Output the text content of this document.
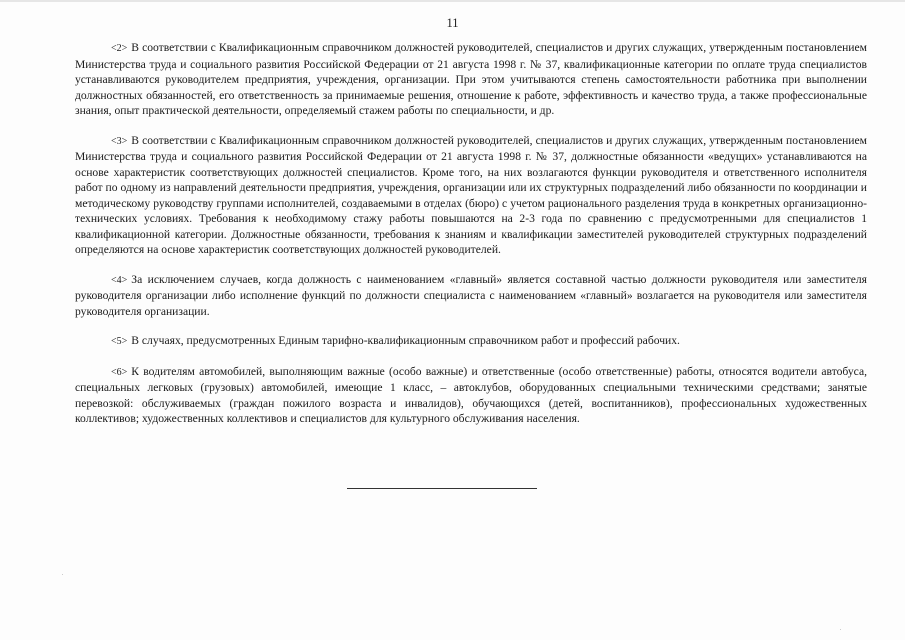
11

<2> В соответствии с Квалификационным справочником должностей руководителей, специалистов и других служащих, утвержденным постановлением Министерства труда и социального развития Российской Федерации от 21 августа 1998 г. № 37, квалификационные категории по оплате труда специалистов устанавливаются руководителем предприятия, учреждения, организации. При этом учитываются степень самостоятельности работника при выполнении должностных обязанностей, его ответственность за принимаемые решения, отношение к работе, эффективность и качество труда, а также профессиональные знания, опыт практической деятельности, определяемый стажем работы по специальности, и др.

<3> В соответствии с Квалификационным справочником должностей руководителей, специалистов и других служащих, утвержденным постановлением Министерства труда и социального развития Российской Федерации от 21 августа 1998 г. № 37, должностные обязанности «ведущих» устанавливаются на основе характеристик соответствующих должностей специалистов. Кроме того, на них возлагаются функции руководителя и ответственного исполнителя работ по одному из направлений деятельности предприятия, учреждения, организации или их структурных подразделений либо обязанности по координации и методическому руководству группами исполнителей, создаваемыми в отделах (бюро) с учетом рационального разделения труда в конкретных организационно-технических условиях. Требования к необходимому стажу работы повышаются на 2-3 года по сравнению с предусмотренными для специалистов 1 квалификационной категории. Должностные обязанности, требования к знаниям и квалификации заместителей руководителей структурных подразделений определяются на основе характеристик соответствующих должностей руководителей.

<4> За исключением случаев, когда должность с наименованием «главный» является составной частью должности руководителя или заместителя руководителя организации либо исполнение функций по должности специалиста с наименованием «главный» возлагается на руководителя или заместителя руководителя организации.

<5> В случаях, предусмотренных Единым тарифно-квалификационным справочником работ и профессий рабочих.

<6> К водителям автомобилей, выполняющим важные (особо важные) и ответственные (особо ответственные) работы, относятся водители автобуса, специальных легковых (грузовых) автомобилей, имеющие 1 класс, – автоклубов, оборудованных специальными техническими средствами; занятые перевозкой: обслуживаемых (граждан пожилого возраста и инвалидов), обучающихся (детей, воспитанников), профессиональных художественных коллективов; художественных коллективов и специалистов для культурного обслуживания населения.
